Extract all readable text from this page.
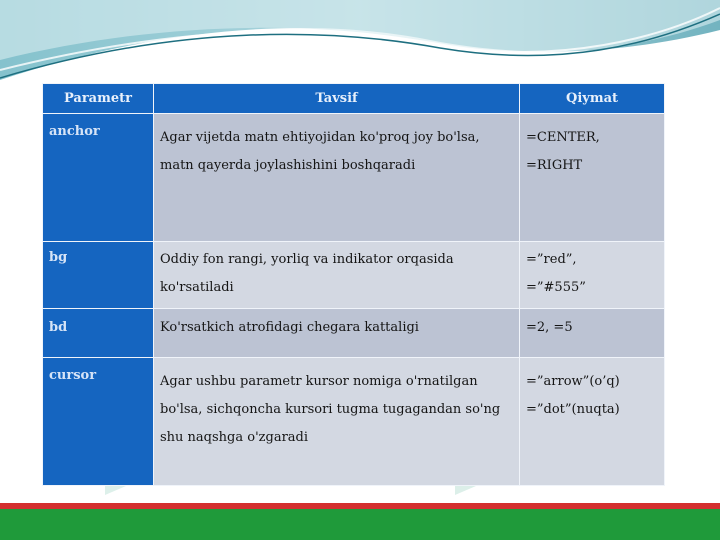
Parametr	Tavsif	Qiymat
anchor	Agar vijetda matn ehtiyojidan ko'proq joy bo'lsa,
matn qayerda joylashishini boshqaradi	=CENTER,
=RIGHT

bg	Oddiy fon rangi, yorliq va indikator orqasida
ko'rsatiladi	=”red”,
=”#555”

bd	Ko'rsatkich atrofidagi chegara kattaligi	=2, =5

cursor	Agar ushbu parametr kursor nomiga o'rnatilgan
bo'lsa, sichqoncha kursori tugma tugagandan so'ng
shu naqshga o'zgaradi	=”arrow”(o’q)
=”dot”(nuqta)
